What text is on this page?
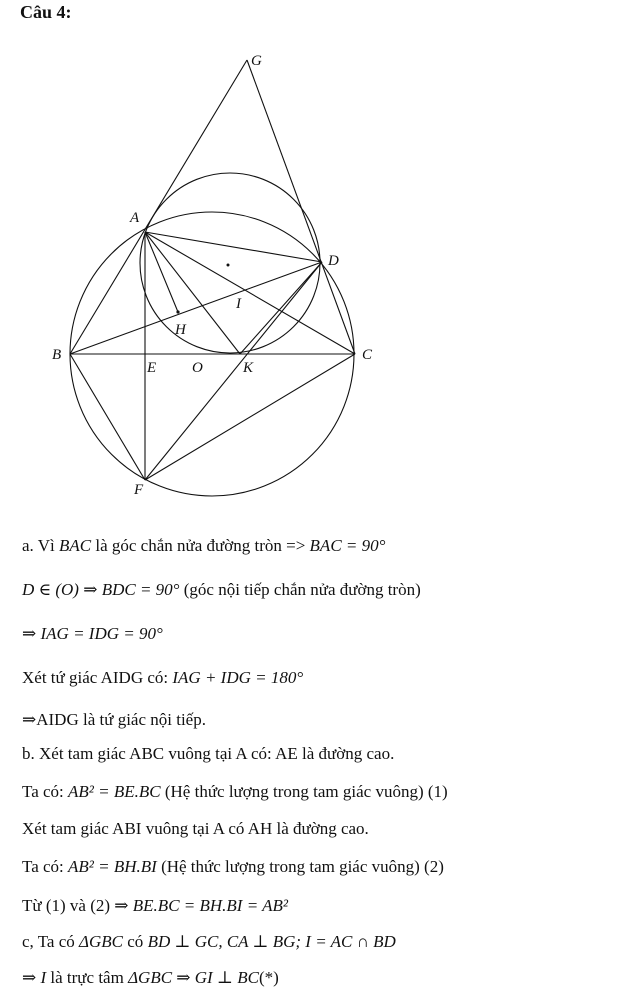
Câu 4:
G
A
D
I
H
B
E O	K
C
F
a. Vì BAC là góc chắn nửa đường tròn => BAC = 90°
D ∈ (O) ⇒ BDC = 90° (góc nội tiếp chắn nửa đường tròn)
⇒ IAG = IDG = 90°
Xét tứ giác AIDG có: IAG + IDG = 180°
⇒AIDG là tứ giác nội tiếp.
b. Xét tam giác ABC vuông tại A có: AE là đường cao.
Ta có: AB² = BE.BC (Hệ thức lượng trong tam giác vuông) (1)
Xét tam giác ABI vuông tại A có AH là đường cao.
Ta có: AB² = BH.BI (Hệ thức lượng trong tam giác vuông) (2)
Từ (1) và (2) ⇒ BE.BC = BH.BI = AB²
c, Ta có ΔGBC có BD ⊥ GC, CA ⊥ BG; I = AC ∩ BD
⇒ I là trực tâm ΔGBC ⇒ GI ⊥ BC(*)
